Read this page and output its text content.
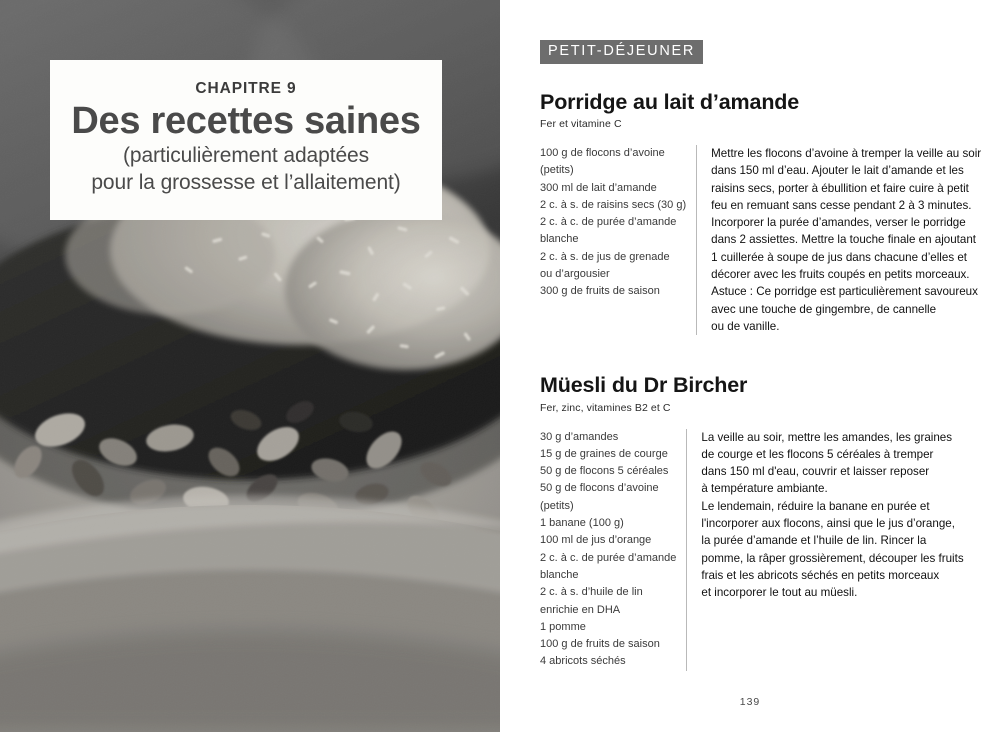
CHAPITRE 9
Des recettes saines
(particulièrement adaptées
pour la grossesse et l’allaitement)
PETIT-DÉJEUNER
Porridge au lait d’amande
Fer et vitamine C
100 g de flocons d’avoine
(petits)
300 ml de lait d’amande
2 c. à s. de raisins secs (30 g)
2 c. à c. de purée d’amande
blanche
2 c. à s. de jus de grenade
ou d’argousier
300 g de fruits de saison
Mettre les flocons d’avoine à tremper la veille au soir
dans 150 ml d’eau. Ajouter le lait d’amande et les
raisins secs, porter à ébullition et faire cuire à petit
feu en remuant sans cesse pendant 2 à 3 minutes.
Incorporer la purée d’amandes, verser le porridge
dans 2 assiettes. Mettre la touche finale en ajoutant
1 cuillerée à soupe de jus dans chacune d’elles et
décorer avec les fruits coupés en petits morceaux.
Astuce : Ce porridge est particulièrement savoureux
avec une touche de gingembre, de cannelle
ou de vanille.
Müesli du Dr Bircher
Fer, zinc, vitamines B2 et C
30 g d’amandes
15 g de graines de courge
50 g de flocons 5 céréales
50 g de flocons d’avoine
(petits)
1 banane (100 g)
100 ml de jus d’orange
2 c. à c. de purée d’amande
blanche
2 c. à s. d’huile de lin
enrichie en DHA
1 pomme
100 g de fruits de saison
4 abricots séchés
La veille au soir, mettre les amandes, les graines
de courge et les flocons 5 céréales à tremper
dans 150 ml d'eau, couvrir et laisser reposer
à température ambiante.
Le lendemain, réduire la banane en purée et
l'incorporer aux flocons, ainsi que le jus d’orange,
la purée d’amande et l’huile de lin. Rincer la
pomme, la râper grossièrement, découper les fruits
frais et les abricots séchés en petits morceaux
et incorporer le tout au müesli.
139
